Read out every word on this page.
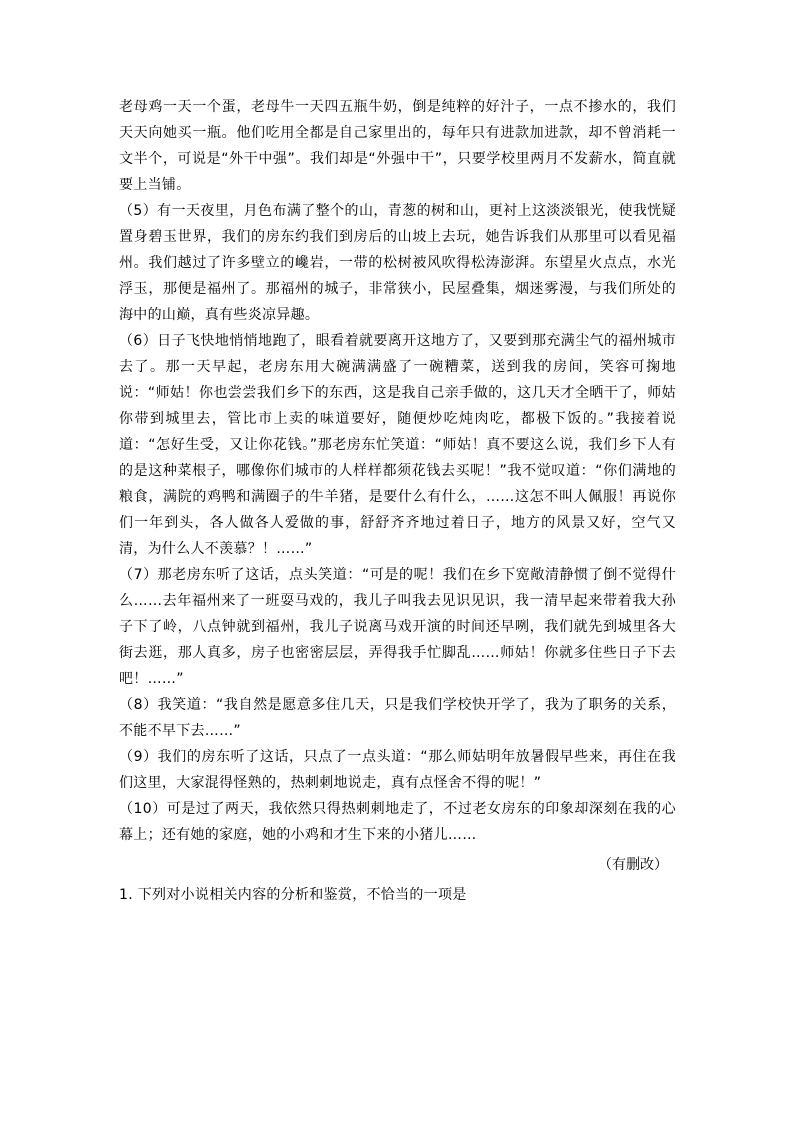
老母鸡一天一个蛋，老母牛一天四五瓶牛奶，倒是纯粹的好汁子，一点不掺水的，我们天天向她买一瓶。他们吃用全都是自己家里出的，每年只有进款加进款，却不曾消耗一文半个，可说是“外干中强”。我们却是“外强中干”，只要学校里两月不发薪水，简直就要上当铺。

（5）有一天夜里，月色布满了整个的山，青葱的树和山，更衬上这淡淡银光，使我恍疑置身碧玉世界，我们的房东约我们到房后的山坡上去玩，她告诉我们从那里可以看见福州。我们越过了许多壁立的巉岩，一带的松树被风吹得松涛澎湃。东望星火点点，水光浮玉，那便是福州了。那福州的城子，非常狭小，民屋叠集，烟迷雾漫，与我们所处的海中的山巅，真有些炎凉异趣。

（6）日子飞快地悄悄地跑了，眼看着就要离开这地方了，又要到那充满尘气的福州城市去了。那一天早起，老房东用大碗满满盛了一碗糟菜，送到我的房间，笑容可掬地说：“师姑！你也尝尝我们乡下的东西，这是我自己亲手做的，这几天才全晒干了，师姑你带到城里去，管比市上卖的味道要好，随便炒吃炖肉吃，都极下饭的。”我接着说道：“怎好生受，又让你花钱。”那老房东忙笑道：“师姑！真不要这么说，我们乡下人有的是这种菜根子，哪像你们城市的人样样都须花钱去买呢！”我不觉叹道：“你们满地的粮食，满院的鸡鸭和满圈子的牛羊猪，是要什么有什么，……这怎不叫人佩服！再说你们一年到头，各人做各人爱做的事，舒舒齐齐地过着日子，地方的风景又好，空气又清，为什么人不羡慕？！……”

（7）那老房东听了这话，点头笑道：“可是的呢！我们在乡下宽敞清静惯了倒不觉得什么……去年福州来了一班耍马戏的，我儿子叫我去见识见识，我一清早起来带着我大孙子下了岭，八点钟就到福州，我儿子说离马戏开演的时间还早咧，我们就先到城里各大街去逛，那人真多，房子也密密层层，弄得我手忙脚乱……师姑！你就多住些日子下去吧！……”

（8）我笑道：“我自然是愿意多住几天，只是我们学校快开学了，我为了职务的关系，不能不早下去……”

（9）我们的房东听了这话，只点了一点头道：“那么师姑明年放暑假早些来，再住在我们这里，大家混得怪熟的，热刺刺地说走，真有点怪舍不得的呢！”

（10）可是过了两天，我依然只得热刺刺地走了，不过老女房东的印象却深刻在我的心幕上；还有她的家庭，她的小鸡和才生下来的小猪儿……

（有删改）

1. 下列对小说相关内容的分析和鉴赏，不恰当的一项是
